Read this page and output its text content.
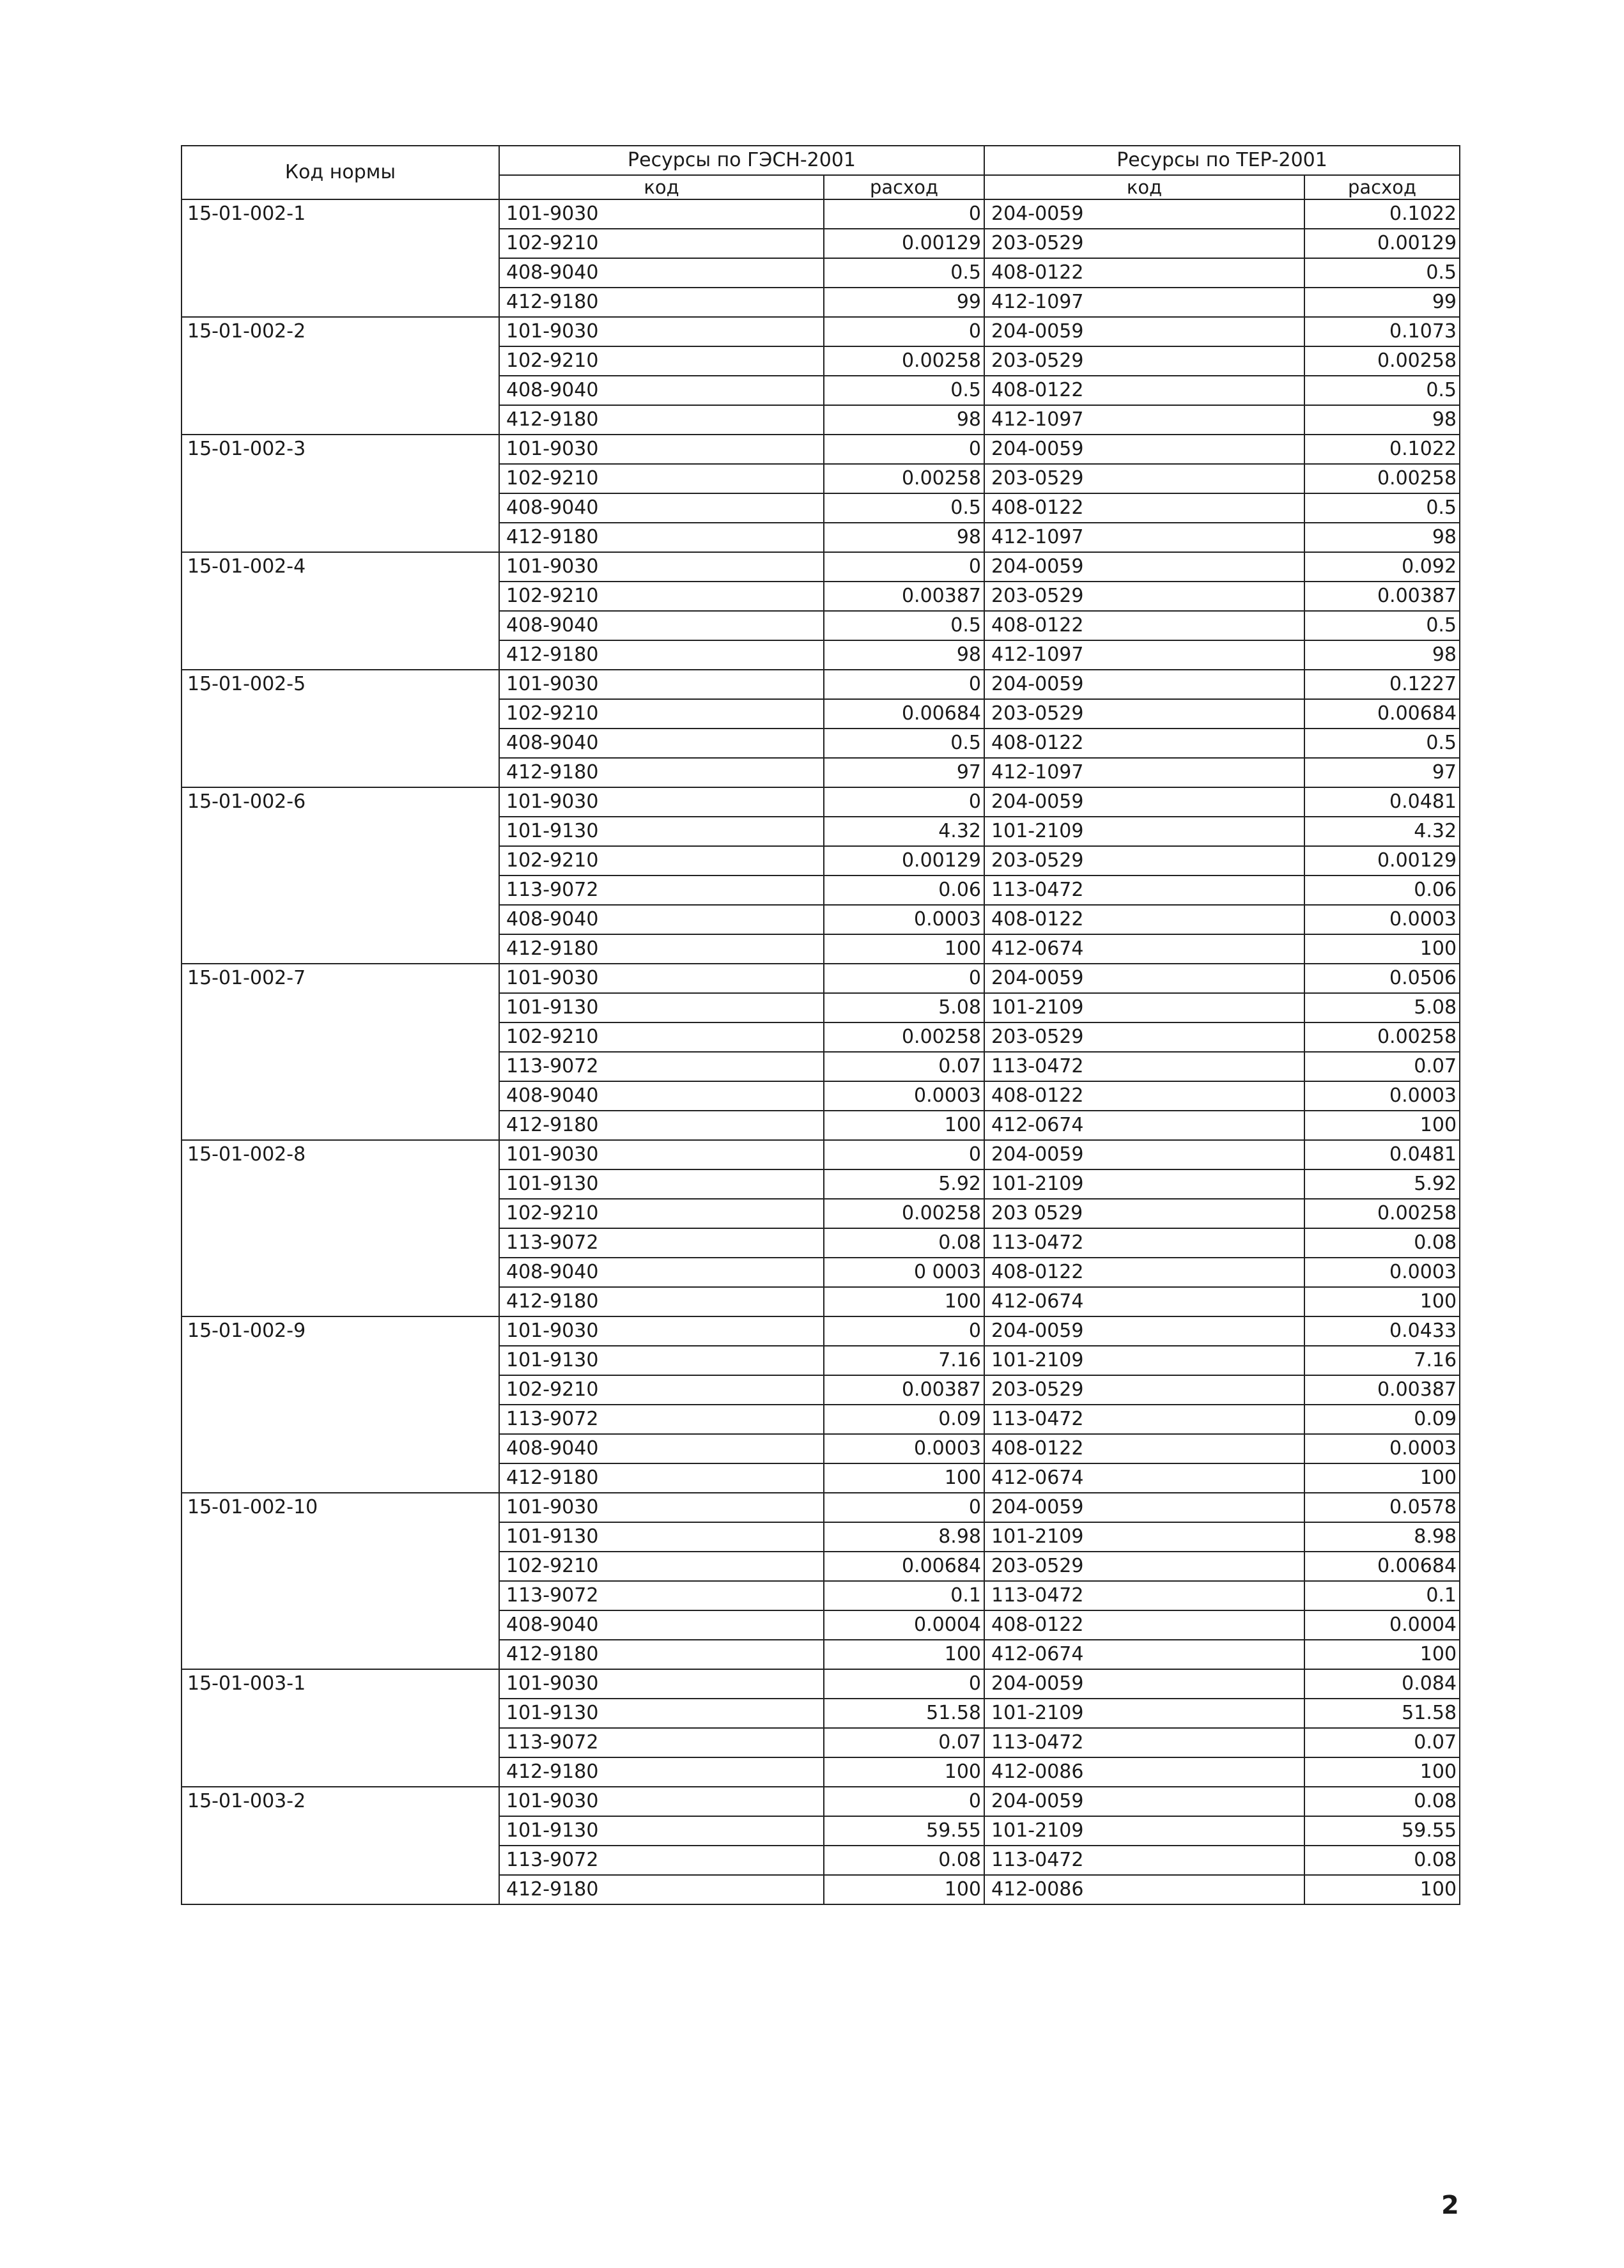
Код нормы	Ресурсы по ГЭСН-2001		Ресурсы по ТЕР-2001	
	код	расход	код	расход
15-01-002-1	101-9030	0	204-0059	0.1022
	102-9210	0.00129	203-0529	0.00129
	408-9040	0.5	408-0122	0.5
	412-9180	99	412-1097	99
15-01-002-2	101-9030	0	204-0059	0.1073
	102-9210	0.00258	203-0529	0.00258
	408-9040	0.5	408-0122	0.5
	412-9180	98	412-1097	98
15-01-002-3	101-9030	0	204-0059	0.1022
	102-9210	0.00258	203-0529	0.00258
	408-9040	0.5	408-0122	0.5
	412-9180	98	412-1097	98
15-01-002-4	101-9030	0	204-0059	0.092
	102-9210	0.00387	203-0529	0.00387
	408-9040	0.5	408-0122	0.5
	412-9180	98	412-1097	98
15-01-002-5	101-9030	0	204-0059	0.1227
	102-9210	0.00684	203-0529	0.00684
	408-9040	0.5	408-0122	0.5
	412-9180	97	412-1097	97
15-01-002-6	101-9030	0	204-0059	0.0481
	101-9130	4.32	101-2109	4.32
	102-9210	0.00129	203-0529	0.00129
	113-9072	0.06	113-0472	0.06
	408-9040	0.0003	408-0122	0.0003
	412-9180	100	412-0674	100
15-01-002-7	101-9030	0	204-0059	0.0506
	101-9130	5.08	101-2109	5.08
	102-9210	0.00258	203-0529	0.00258
	113-9072	0.07	113-0472	0.07
	408-9040	0.0003	408-0122	0.0003
	412-9180	100	412-0674	100
15-01-002-8	101-9030	0	204-0059	0.0481
	101-9130	5.92	101-2109	5.92
	102-9210	0.00258	203 0529	0.00258
	113-9072	0.08	113-0472	0.08
	408-9040	0 0003	408-0122	0.0003
	412-9180	100	412-0674	100
15-01-002-9	101-9030	0	204-0059	0.0433
	101-9130	7.16	101-2109	7.16
	102-9210	0.00387	203-0529	0.00387
	113-9072	0.09	113-0472	0.09
	408-9040	0.0003	408-0122	0.0003
	412-9180	100	412-0674	100
15-01-002-10	101-9030	0	204-0059	0.0578
	101-9130	8.98	101-2109	8.98
	102-9210	0.00684	203-0529	0.00684
	113-9072	0.1	113-0472	0.1
	408-9040	0.0004	408-0122	0.0004
	412-9180	100	412-0674	100
15-01-003-1	101-9030	0	204-0059	0.084
	101-9130	51.58	101-2109	51.58
	113-9072	0.07	113-0472	0.07
	412-9180	100	412-0086	100
15-01-003-2	101-9030	0	204-0059	0.08
	101-9130	59.55	101-2109	59.55
	113-9072	0.08	113-0472	0.08
	412-9180	100	412-0086	100
2
